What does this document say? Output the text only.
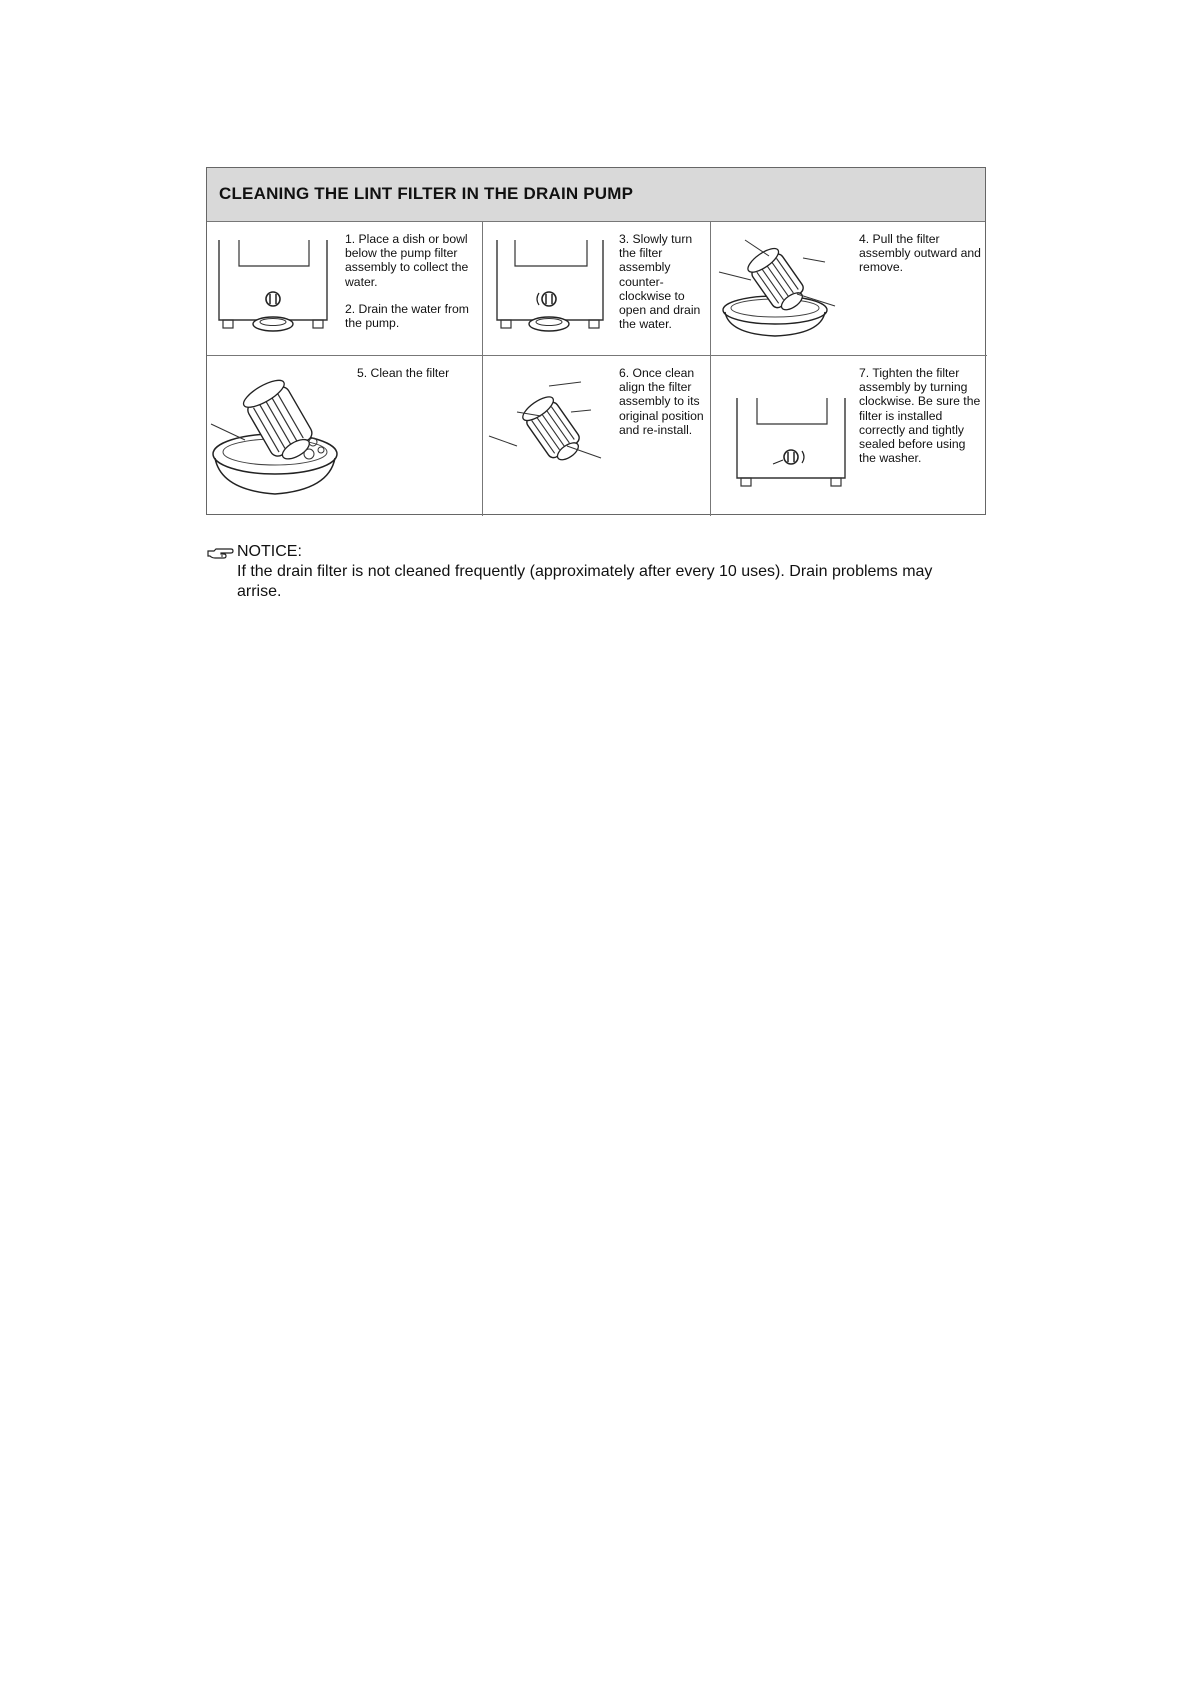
CLEANING THE LINT FILTER IN THE DRAIN PUMP

1. Place a dish or bowl below the pump filter assembly to collect the water.

2. Drain the water from the pump.

3. Slowly turn the filter assembly counter-clockwise to open and drain the water.

4. Pull the filter assembly outward and remove.

5. Clean the filter	6. Once clean align the filter assembly to its original position and re-install.

7. Tighten the filter assembly by turning clockwise. Be sure the filter is installed correctly and tightly sealed before using the washer.

NOTICE:
If the drain filter is not cleaned frequently (approximately after every 10 uses). Drain problems may arrise.
